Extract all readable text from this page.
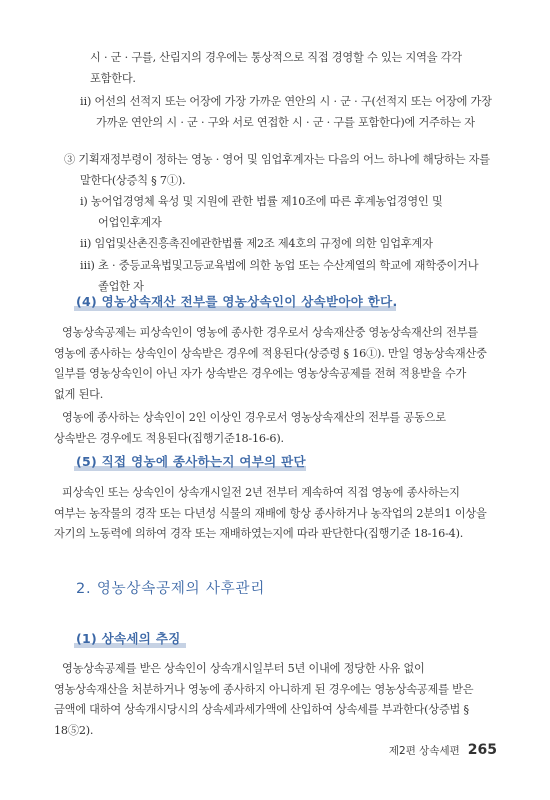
시 · 군 · 구를, 산림지의 경우에는 통상적으로 직접 경영할 수 있는 지역을 각각 포함한다.
ⅱ) 어선의 선적지 또는 어장에 가장 가까운 연안의 시 · 군 · 구(선적지 또는 어장에 가장 가까운 연안의 시 · 군 · 구와 서로 연접한 시 · 군 · 구를 포함한다)에 거주하는 자
③ 기획재정부령이 정하는 영농 · 영어 및 임업후계자는 다음의 어느 하나에 해당하는 자를 말한다(상증칙 § 7①).
ⅰ) 농어업경영체 육성 및 지원에 관한 법률 제10조에 따른 후계농업경영인 및 어업인후계자
ⅱ) 임업및산촌진흥촉진에관한법률 제2조 제4호의 규정에 의한 임업후계자
ⅲ) 초 · 중등교육법및고등교육법에 의한 농업 또는 수산계열의 학교에 재학중이거나 졸업한 자
(4) 영농상속재산 전부를 영농상속인이 상속받아야 한다.
영농상속공제는 피상속인이 영농에 종사한 경우로서 상속재산중 영농상속재산의 전부를 영농에 종사하는 상속인이 상속받은 경우에 적용된다(상증령 § 16①). 만일 영농상속재산중 일부를 영농상속인이 아닌 자가 상속받은 경우에는 영농상속공제를 전혀 적용받을 수가 없게 된다.
영농에 종사하는 상속인이 2인 이상인 경우로서 영농상속재산의 전부를 공동으로 상속받은 경우에도 적용된다(집행기준18-16-6).
(5) 직접 영농에 종사하는지 여부의 판단
피상속인 또는 상속인이 상속개시일전 2년 전부터 계속하여 직접 영농에 종사하는지 여부는 농작물의 경작 또는 다년성 식물의 재배에 항상 종사하거나 농작업의 2분의1 이상을 자기의 노동력에 의하여 경작 또는 재배하였는지에 따라 판단한다(집행기준 18-16-4).
2. 영농상속공제의 사후관리
(1) 상속세의 추징
영농상속공제를 받은 상속인이 상속개시일부터 5년 이내에 정당한 사유 없이 영농상속재산을 처분하거나 영농에 종사하지 아니하게 된 경우에는 영농상속공제를 받은 금액에 대하여 상속개시당시의 상속세과세가액에 산입하여 상속세를 부과한다(상증법 § 18⑤2).
제2편 상속세편 265
